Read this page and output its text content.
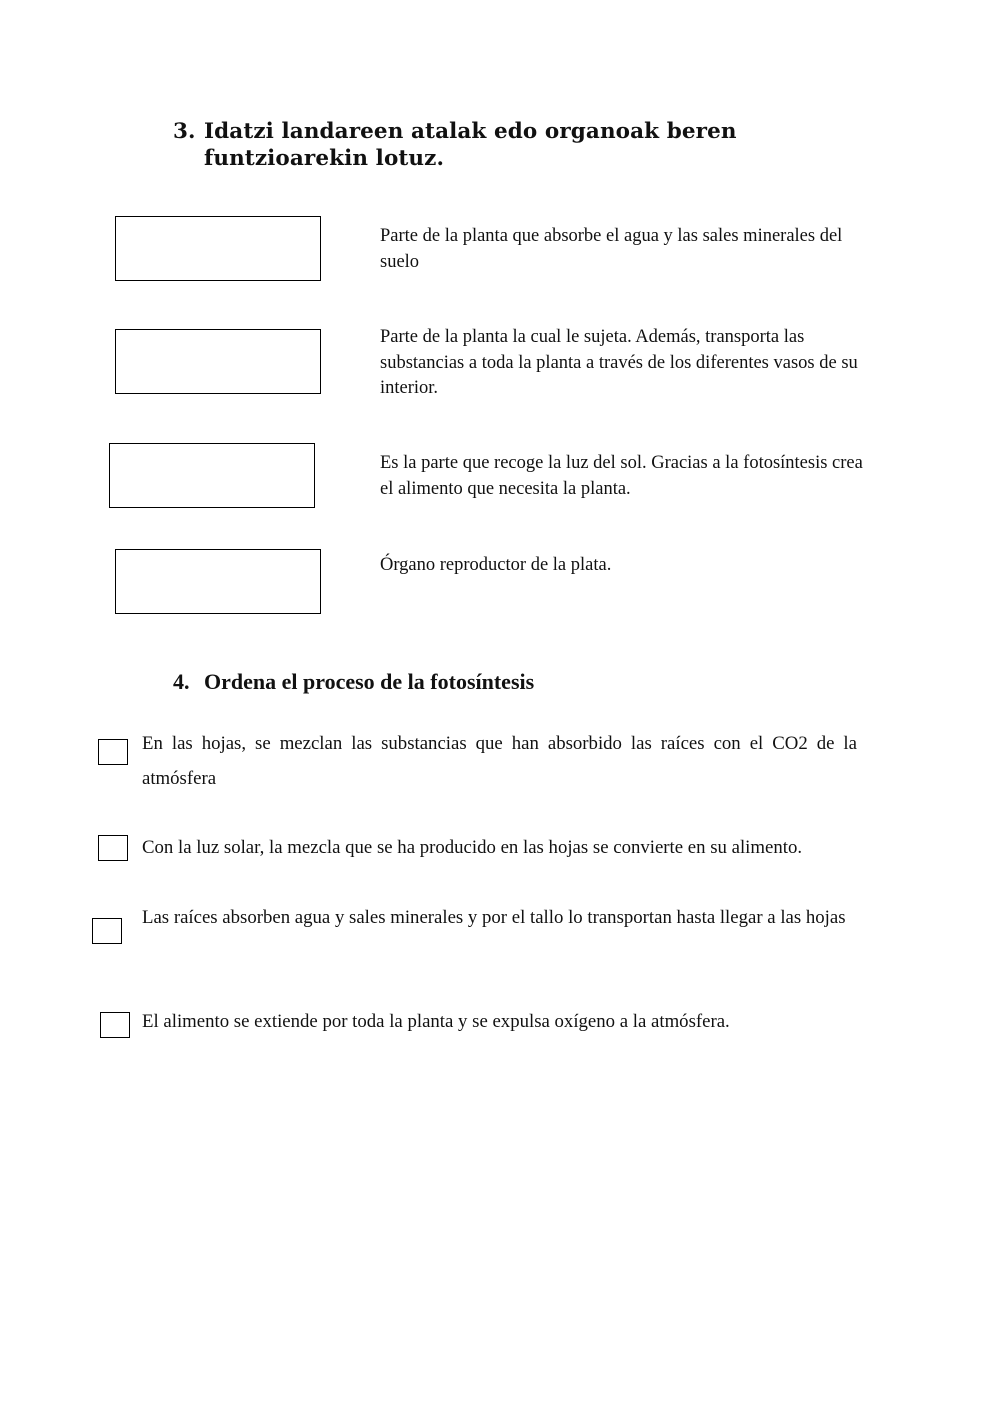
3. Idatzi landareen atalak edo organoak beren funtzioarekin lotuz.

Parte de la planta que absorbe el agua y las sales minerales del suelo

Parte de la planta la cual le sujeta. Además, transporta las substancias a toda la planta a través de los diferentes vasos de su interior.

Es la parte que recoge la luz del sol. Gracias a la fotosíntesis crea el alimento que necesita la planta.

Órgano reproductor de la plata.

4. Ordena el proceso de la fotosíntesis

En las hojas, se mezclan las substancias que han absorbido las raíces con el CO2 de la atmósfera

Con la luz solar, la mezcla que se ha producido en las hojas se convierte en su alimento.

Las raíces absorben agua y sales minerales y por el tallo lo transportan hasta llegar a las hojas

El alimento se extiende por toda la planta y se expulsa oxígeno a la atmósfera.
